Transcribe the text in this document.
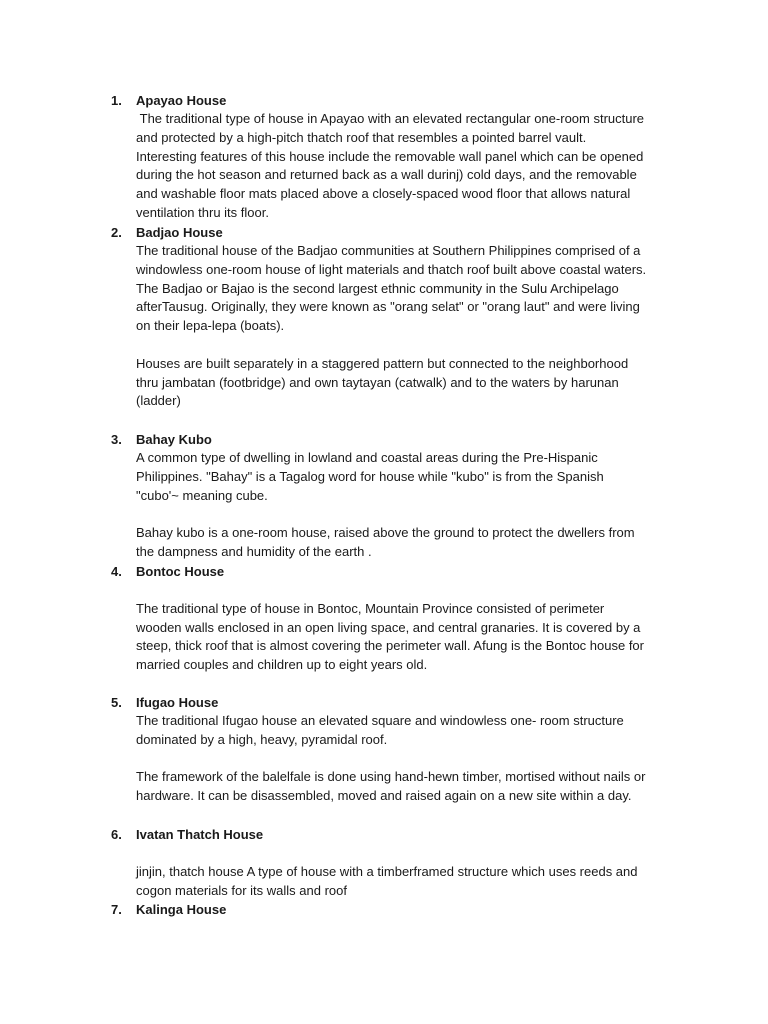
1. Apayao House

The traditional type of house in Apayao with an elevated rectangular one-room structure

and protected by a high-pitch thatch roof that resembles a pointed barrel vault.

Interesting features of this house include the removable wall panel which can be opened

during the hot season and returned back as a wall durinj) cold days, and the removable

and washable floor mats placed above a closely-spaced wood floor that allows natural

ventilation thru its floor.

2. Badjao House

The traditional house of the Badjao communities at Southern Philippines comprised of a

windowless one-room house of light materials and thatch roof built above coastal waters.

The Badjao or Bajao is the second largest ethnic community in the Sulu Archipelago

afterTausug. Originally, they were known as "orang selat" or "orang laut" and were living

on their lepa-lepa (boats).

Houses are built separately in a staggered pattern but connected to the neighborhood

thru jambatan (footbridge) and own taytayan (catwalk) and to the waters by harunan

(ladder)

3. Bahay Kubo

A common type of dwelling in lowland and coastal areas during the Pre-Hispanic

Philippines. "Bahay" is a Tagalog word for house while "kubo" is from the Spanish

"cubo'~ meaning cube.

Bahay kubo is a one-room house, raised above the ground to protect the dwellers from

the dampness and humidity of the earth .

4. Bontoc House

The traditional type of house in Bontoc, Mountain Province consisted of perimeter

wooden walls enclosed in an open living space, and central granaries. It is covered by a

steep, thick roof that is almost covering the perimeter wall. Afung is the Bontoc house for

married couples and children up to eight years old.

5. Ifugao House

The traditional Ifugao house an elevated square and windowless one- room structure

dominated by a high, heavy, pyramidal roof.

The framework of the balelfale is done using hand-hewn timber, mortised without nails or

hardware. It can be disassembled, moved and raised again on a new site within a day.

6. Ivatan Thatch House

jinjin, thatch house A type of house with a timberframed structure which uses reeds and

cogon materials for its walls and roof

7. Kalinga House
